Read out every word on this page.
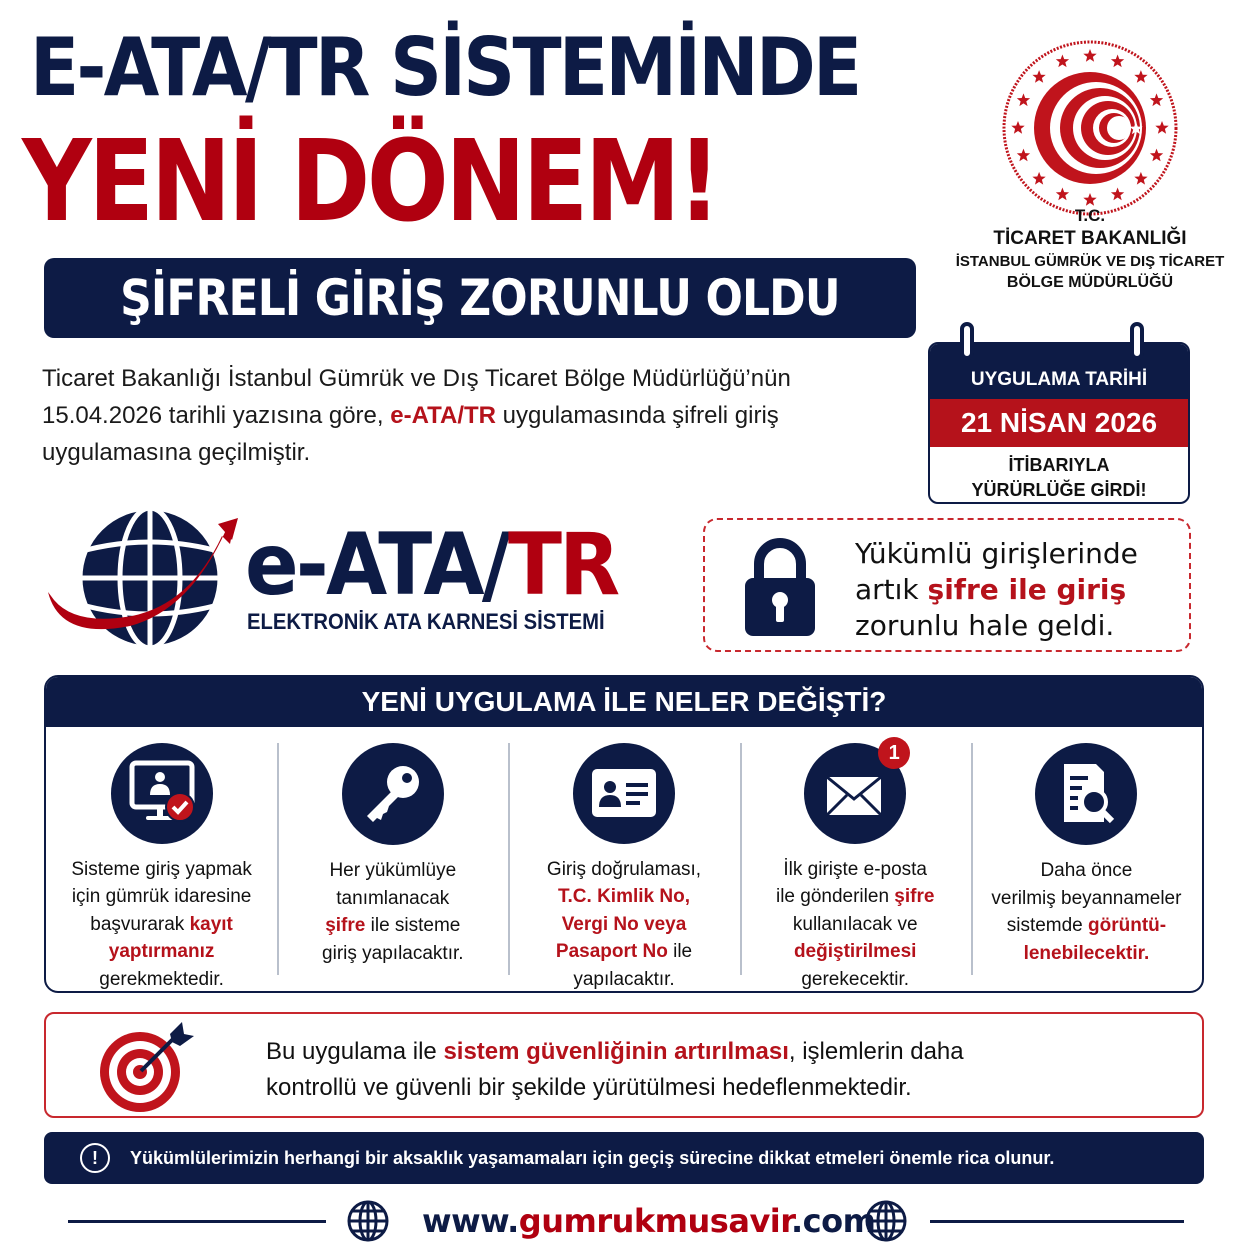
E-ATA/TR SİSTEMİNDE
YENİ DÖNEM!
ŞİFRELİ GİRİŞ ZORUNLU OLDU
T.C.
TİCARET BAKANLIĞI
İSTANBUL GÜMRÜK VE DIŞ TİCARET
BÖLGE MÜDÜRLÜĞÜ
Ticaret Bakanlığı İstanbul Gümrük ve Dış Ticaret Bölge Müdürlüğü’nün 15.04.2026 tarihli yazısına göre, e-ATA/TR uygulamasında şifreli giriş uygulamasına geçilmiştir.
UYGULAMA TARİHİ
21 NİSAN 2026
İTİBARIYLA
YÜRÜRLÜĞE GİRDİ!
e-ATA/TR
ELEKTRONİK ATA KARNESİ SİSTEMİ
Yükümlü girişlerinde
artık şifre ile giriş
zorunlu hale geldi.
YENİ UYGULAMA İLE NELER DEĞİŞTİ?
Sisteme giriş yapmak
için gümrük idaresine
başvurarak kayıt
yaptırmanız
gerekmektedir.
Her yükümlüye
tanımlanacak
şifre ile sisteme
giriş yapılacaktır.
Giriş doğrulaması,
T.C. Kimlik No,
Vergi No veya
Pasaport No ile
yapılacaktır.
1
İlk girişte e-posta
ile gönderilen şifre
kullanılacak ve
değiştirilmesi
gerekecektir.
Daha önce
verilmiş beyannameler
sistemde görüntü-
lenebilecektir.
Bu uygulama ile sistem güvenliğinin artırılması, işlemlerin daha
kontrollü ve güvenli bir şekilde yürütülmesi hedeflenmektedir.
!	Yükümlülerimizin herhangi bir aksaklık yaşamamaları için geçiş sürecine dikkat etmeleri önemle rica olunur.
www.gumrukmusavir.com
